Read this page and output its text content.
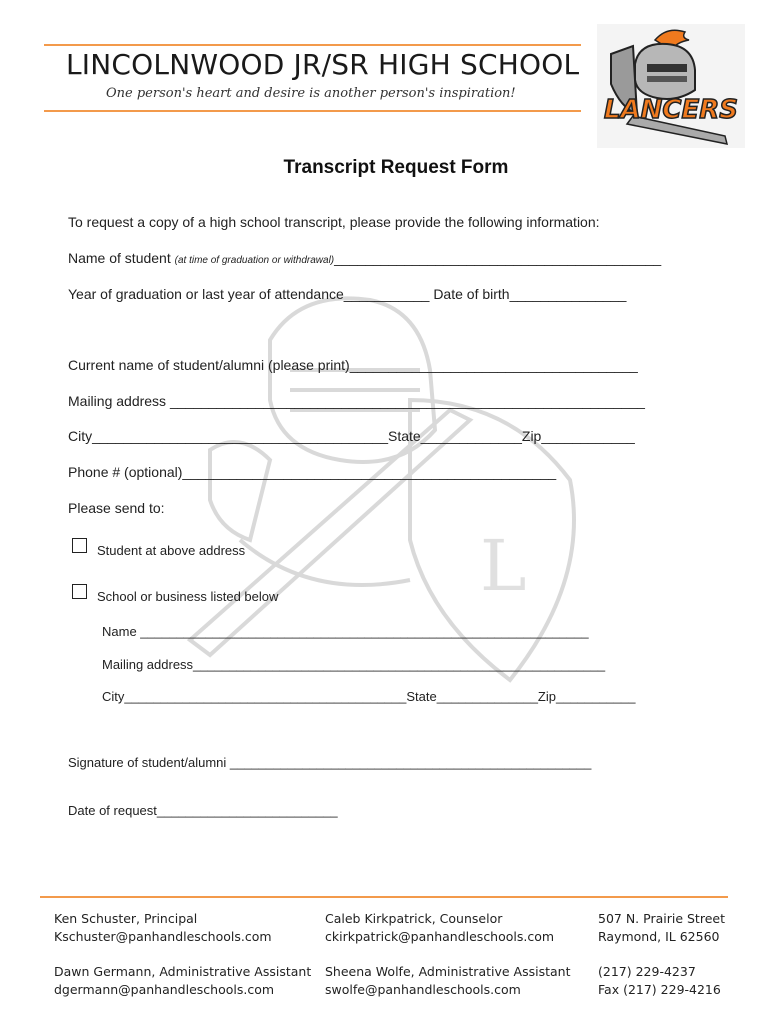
LINCOLNWOOD JR/SR HIGH SCHOOL
One person's heart and desire is another person's inspiration!
LANCERS
L
Transcript Request Form
To request a copy of a high school transcript, please provide the following information:
Name of student (at time of graduation or withdrawal)__________________________________________
Year of graduation or last year of attendance___________ Date of birth_______________
Current name of student/alumni (please print)_____________________________________
Mailing address _____________________________________________________________
City______________________________________State_____________Zip____________
Phone # (optional)________________________________________________
Please send to:
Student at above address
School or business listed below
Name ______________________________________________________________
Mailing address_________________________________________________________
City_______________________________________State______________Zip___________
Signature of student/alumni __________________________________________________
Date of request_________________________
Ken Schuster, Principal
Kschuster@panhandleschools.com
Dawn Germann, Administrative Assistant
dgermann@panhandleschools.com
Caleb Kirkpatrick, Counselor
ckirkpatrick@panhandleschools.com
Sheena Wolfe, Administrative Assistant
swolfe@panhandleschools.com
507 N. Prairie Street
Raymond, IL 62560
(217) 229-4237
Fax (217) 229-4216
